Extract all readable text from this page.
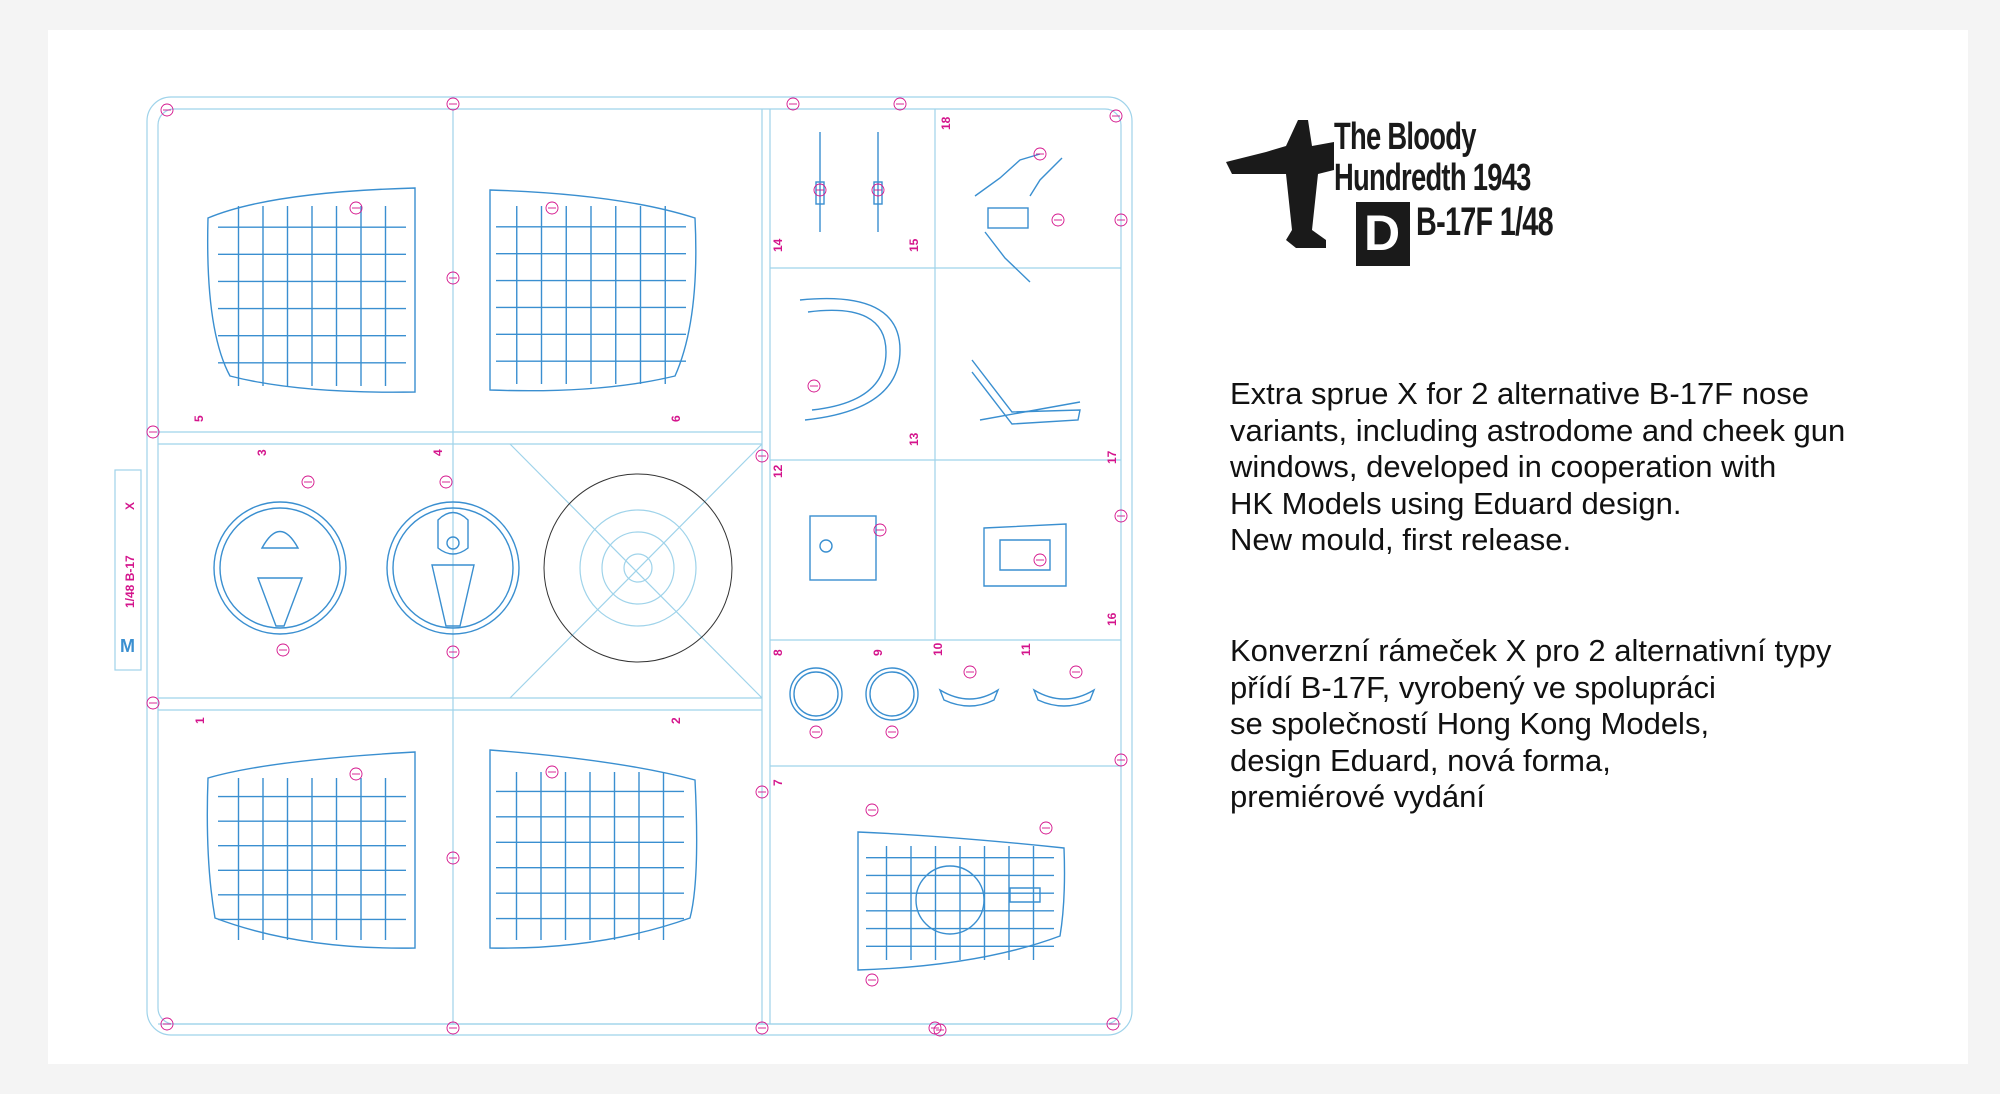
1/48 B-17
X
M
5	6
3	4
1	2
14	15
18
13
17
12
16
8	9	10	11
7
The Bloody
Hundredth 1943
D B-17F 1/48
Extra sprue X for 2 alternative B-17F nose
variants, including astrodome and cheek gun
windows, developed in cooperation with
HK Models using Eduard design.
New mould, first release.
Konverzní rámeček X pro 2 alternativní typy
přídí B-17F, vyrobený ve spolupráci
se společností Hong Kong Models,
design Eduard, nová forma,
premiérové vydání
